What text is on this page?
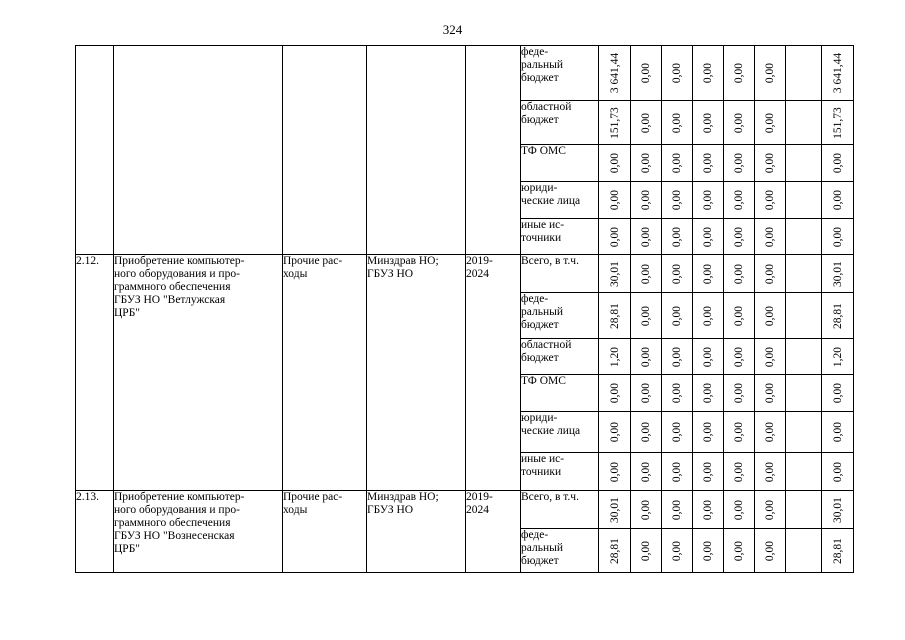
324
					феде-
ральный
бюджет	3 641,44	0,00	0,00	0,00	0,00	0,00		3 641,44

					областной
бюджет	151,73	0,00	0,00	0,00	0,00	0,00		151,73

					ТФ ОМС	0,00	0,00	0,00	0,00	0,00	0,00		0,00

					юриди-
ческие лица	0,00	0,00	0,00	0,00	0,00	0,00		0,00

					иные ис-
точники	0,00	0,00	0,00	0,00	0,00	0,00		0,00

2.12.	Приобретение компьютер-
ного оборудования и про-
граммного обеспечения
ГБУЗ НО "Ветлужская
ЦРБ"	Прочие рас-
ходы	Минздрав НО;
ГБУЗ НО	2019-
2024	Всего, в т.ч.	30,01	0,00	0,00	0,00	0,00	0,00		30,01

					феде-
ральный
бюджет	28,81	0,00	0,00	0,00	0,00	0,00		28,81

					областной
бюджет	1,20	0,00	0,00	0,00	0,00	0,00		1,20

					ТФ ОМС	0,00	0,00	0,00	0,00	0,00	0,00		0,00

					юриди-
ческие лица	0,00	0,00	0,00	0,00	0,00	0,00		0,00

					иные ис-
точники	0,00	0,00	0,00	0,00	0,00	0,00		0,00

2.13.	Приобретение компьютер-
ного оборудования и про-
граммного обеспечения
ГБУЗ НО "Вознесенская
ЦРБ"	Прочие рас-
ходы	Минздрав НО;
ГБУЗ НО	2019-
2024	Всего, в т.ч.	30,01	0,00	0,00	0,00	0,00	0,00		30,01

					феде-
ральный
бюджет	28,81	0,00	0,00	0,00	0,00	0,00		28,81
